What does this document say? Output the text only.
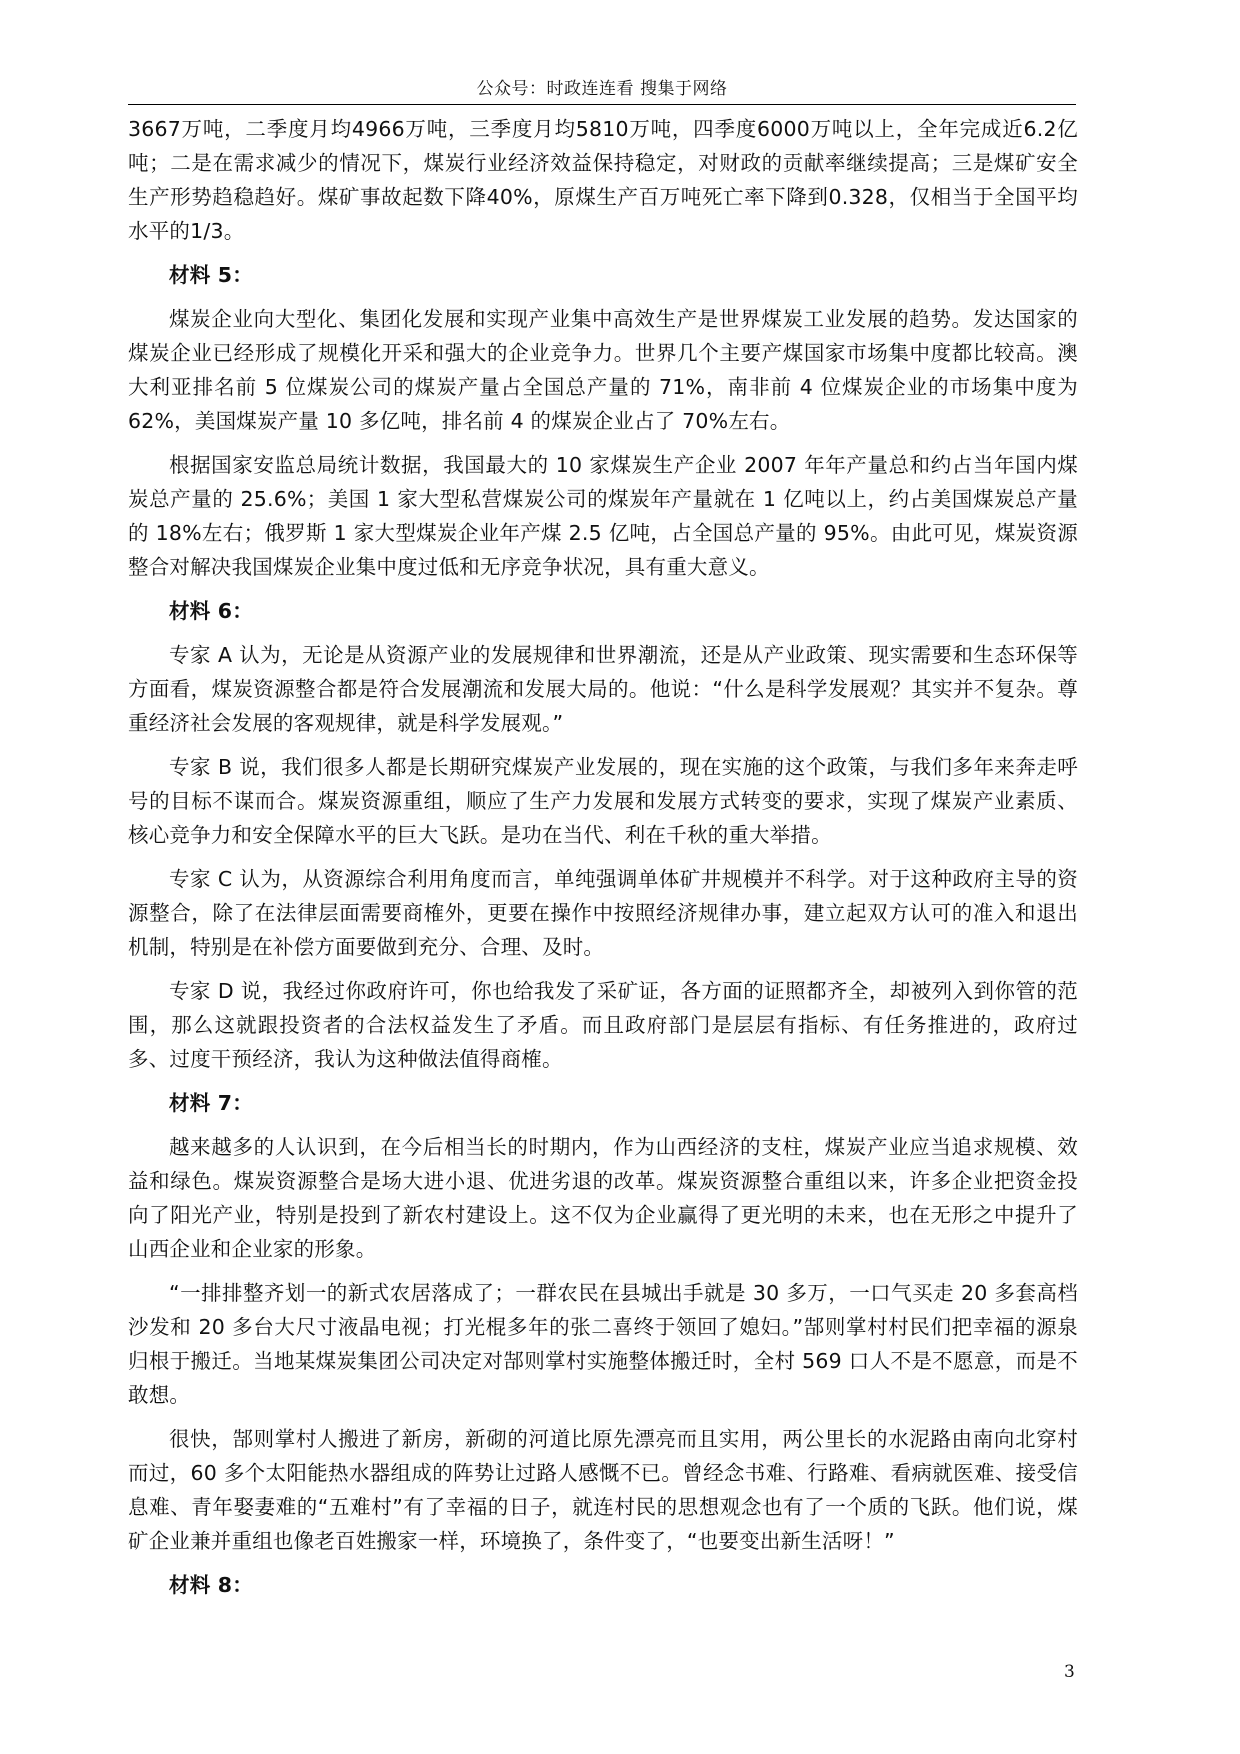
公众号：时政连连看 搜集于网络

3667万吨，二季度月均4966万吨，三季度月均5810万吨，四季度6000万吨以上，全年完成近6.2亿吨；二是在需求减少的情况下，煤炭行业经济效益保持稳定，对财政的贡献率继续提高；三是煤矿安全生产形势趋稳趋好。煤矿事故起数下降40%，原煤生产百万吨死亡率下降到0.328，仅相当于全国平均水平的1/3。

材料 5：

煤炭企业向大型化、集团化发展和实现产业集中高效生产是世界煤炭工业发展的趋势。发达国家的煤炭企业已经形成了规模化开采和强大的企业竞争力。世界几个主要产煤国家市场集中度都比较高。澳大利亚排名前 5 位煤炭公司的煤炭产量占全国总产量的 71%，南非前 4 位煤炭企业的市场集中度为 62%，美国煤炭产量 10 多亿吨，排名前 4 的煤炭企业占了 70%左右。

根据国家安监总局统计数据，我国最大的 10 家煤炭生产企业 2007 年年产量总和约占当年国内煤炭总产量的 25.6%；美国 1 家大型私营煤炭公司的煤炭年产量就在 1 亿吨以上，约占美国煤炭总产量的 18%左右；俄罗斯 1 家大型煤炭企业年产煤 2.5 亿吨，占全国总产量的 95%。由此可见，煤炭资源整合对解决我国煤炭企业集中度过低和无序竞争状况，具有重大意义。

材料 6：

专家 A 认为，无论是从资源产业的发展规律和世界潮流，还是从产业政策、现实需要和生态环保等方面看，煤炭资源整合都是符合发展潮流和发展大局的。他说：“什么是科学发展观？其实并不复杂。尊重经济社会发展的客观规律，就是科学发展观。”

专家 B 说，我们很多人都是长期研究煤炭产业发展的，现在实施的这个政策，与我们多年来奔走呼号的目标不谋而合。煤炭资源重组，顺应了生产力发展和发展方式转变的要求，实现了煤炭产业素质、核心竞争力和安全保障水平的巨大飞跃。是功在当代、利在千秋的重大举措。

专家 C 认为，从资源综合利用角度而言，单纯强调单体矿井规模并不科学。对于这种政府主导的资源整合，除了在法律层面需要商榷外，更要在操作中按照经济规律办事，建立起双方认可的准入和退出机制，特别是在补偿方面要做到充分、合理、及时。

专家 D 说，我经过你政府许可，你也给我发了采矿证，各方面的证照都齐全，却被列入到你管的范围，那么这就跟投资者的合法权益发生了矛盾。而且政府部门是层层有指标、有任务推进的，政府过多、过度干预经济，我认为这种做法值得商榷。

材料 7：

越来越多的人认识到，在今后相当长的时期内，作为山西经济的支柱，煤炭产业应当追求规模、效益和绿色。煤炭资源整合是场大进小退、优进劣退的改革。煤炭资源整合重组以来，许多企业把资金投向了阳光产业，特别是投到了新农村建设上。这不仅为企业赢得了更光明的未来，也在无形之中提升了山西企业和企业家的形象。

“一排排整齐划一的新式农居落成了；一群农民在县城出手就是 30 多万，一口气买走 20 多套高档沙发和 20 多台大尺寸液晶电视；打光棍多年的张二喜终于领回了媳妇。”郜则掌村村民们把幸福的源泉归根于搬迁。当地某煤炭集团公司决定对郜则掌村实施整体搬迁时，全村 569 口人不是不愿意，而是不敢想。

很快，郜则掌村人搬进了新房，新砌的河道比原先漂亮而且实用，两公里长的水泥路由南向北穿村而过，60 多个太阳能热水器组成的阵势让过路人感慨不已。曾经念书难、行路难、看病就医难、接受信息难、青年娶妻难的“五难村”有了幸福的日子，就连村民的思想观念也有了一个质的飞跃。他们说，煤矿企业兼并重组也像老百姓搬家一样，环境换了，条件变了，“也要变出新生活呀！”

材料 8：
3
